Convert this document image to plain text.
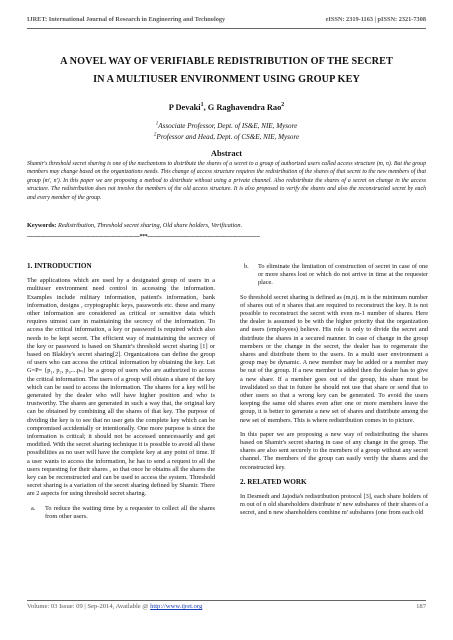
IJRET: International Journal of Research in Engineering and Technology	eISSN: 2319-1163 | pISSN: 2321-7308
A NOVEL WAY OF VERIFIABLE REDISTRIBUTION OF THE SECRET
IN A MULTIUSER ENVIRONMENT USING GROUP KEY
P Devaki$^1$, G Raghavendra Rao$^2$
$^1$Associate Professor, Dept. of IS&E, NIE, Mysore
$^2$Professor and Head, Dept. of CS&E, NIE, Mysore
Abstract
Shamir's threshold secret sharing is one of the mechanisms to distribute the shares of a secret to a group of authorized users called access structure (m, n). But the group members may change based on the organizations needs. This change of access structure requires the redistribution of the shares of that secret to the new members of that group (m', n'). In this paper we are proposing a method to distribute without using a private channel. Also redistribute the shares of a secret on change in the access structure. The redistribution does not involve the members of the old access structure. It is also proposed to verify the shares and also the reconstructed secret by each and every member of the group.
Keywords: Redistribution, Threshold secret sharing, Old share holders, Verification.
---------------------------------------------------------------------***---------------------------------------------------------------------
1. INTRODUCTION

The applications which are used by a designated group of users in a multiuser environment need control in accessing the information. Examples include military information, patient's information, bank information, designs , cryptographic keys, passwords etc. these and many other information are considered as critical or sensitive data which requires utmost care in maintaining the secrecy of the information. To access the critical information, a key or password is required which also needs to be kept secret. The efficient way of maintaining the secrecy of the key or password is based on Shamir's threshold secret sharing [1] or based on Blakley's secret sharing[2]. Organizations can define the group of users who can access the critical information by obtaining the key. Let G=P= {p₁, p₂, p₃....pₙ} be a group of users who are authorized to access the critical information. The users of a group will obtain a share of the key which can be used to access the information. The shares for a key will be generated by the dealer who will have higher position and who is trustworthy. The shares are generated in such a way that, the original key can be obtained by combining all the shares of that key. The purpose of dividing the key is to see that no user gets the complete key which can be compromised accidentally or intentionally. One more purpose is since the information is critical; it should not be accessed unnecessarily and get modified. With the secret sharing technique it is possible to avoid all these possibilities as no user will have the complete key at any point of time. If a user wants to access the information, he has to send a request to all the users requesting for their shares , so that once he obtains all the shares the key can be reconstructed and can be used to access the system. Threshold secret sharing is a variation of the secret sharing defined by Shamir. There are 2 aspects for using threshold secret sharing.

a.	To reduce the waiting time by a requester to collect all the shares from other users.
b.	To eliminate the limitation of construction of secret in case of one or more shares lost or which do not arrive in time at the requester place.

So threshold secret sharing is defined as (m,n). m is the minimum number of shares out of n shares that are required to reconstruct the key. It is not possible to reconstruct the secret with even m-1 number of shares. Here the dealer is assumed to be with the higher priority that the organization and users (employees) believe. His role is only to divide the secret and distribute the shares in a secured manner. In case of change in the group members or the change in the secret, the dealer has to regenerate the shares and distribute them to the users. In a multi user environment a group may be dynamic. A new member may be added or a member may be out of the group. If a new member is added then the dealer has to give a new share. If a member goes out of the group, his share must be invalidated so that in future he should not use that share or send that to other users so that a wrong key can be generated. To avoid the users keeping the same old shares even after one or more members leave the group, it is better to generate a new set of shares and distribute among the new set of members. This is where redistribution comes in to picture.

In this paper we are proposing a new way of redistributing the shares based on Shamir's secret sharing in case of any change in the group. The shares are also sent securely to the members of a group without any secret channel. The members of the group can easily verify the shares and the reconstructed key.

2. RELATED WORK

In Desmedt and Jajodia's redistribution protocol [3], each share holders of m out of n old shareholders distribute n' new subshares of their shares of a secret, and n new shareholders combine m' subshares (one from each old

Volume: 03 Issue: 09 | Sep-2014, Available @ http://www.ijret.org	187
